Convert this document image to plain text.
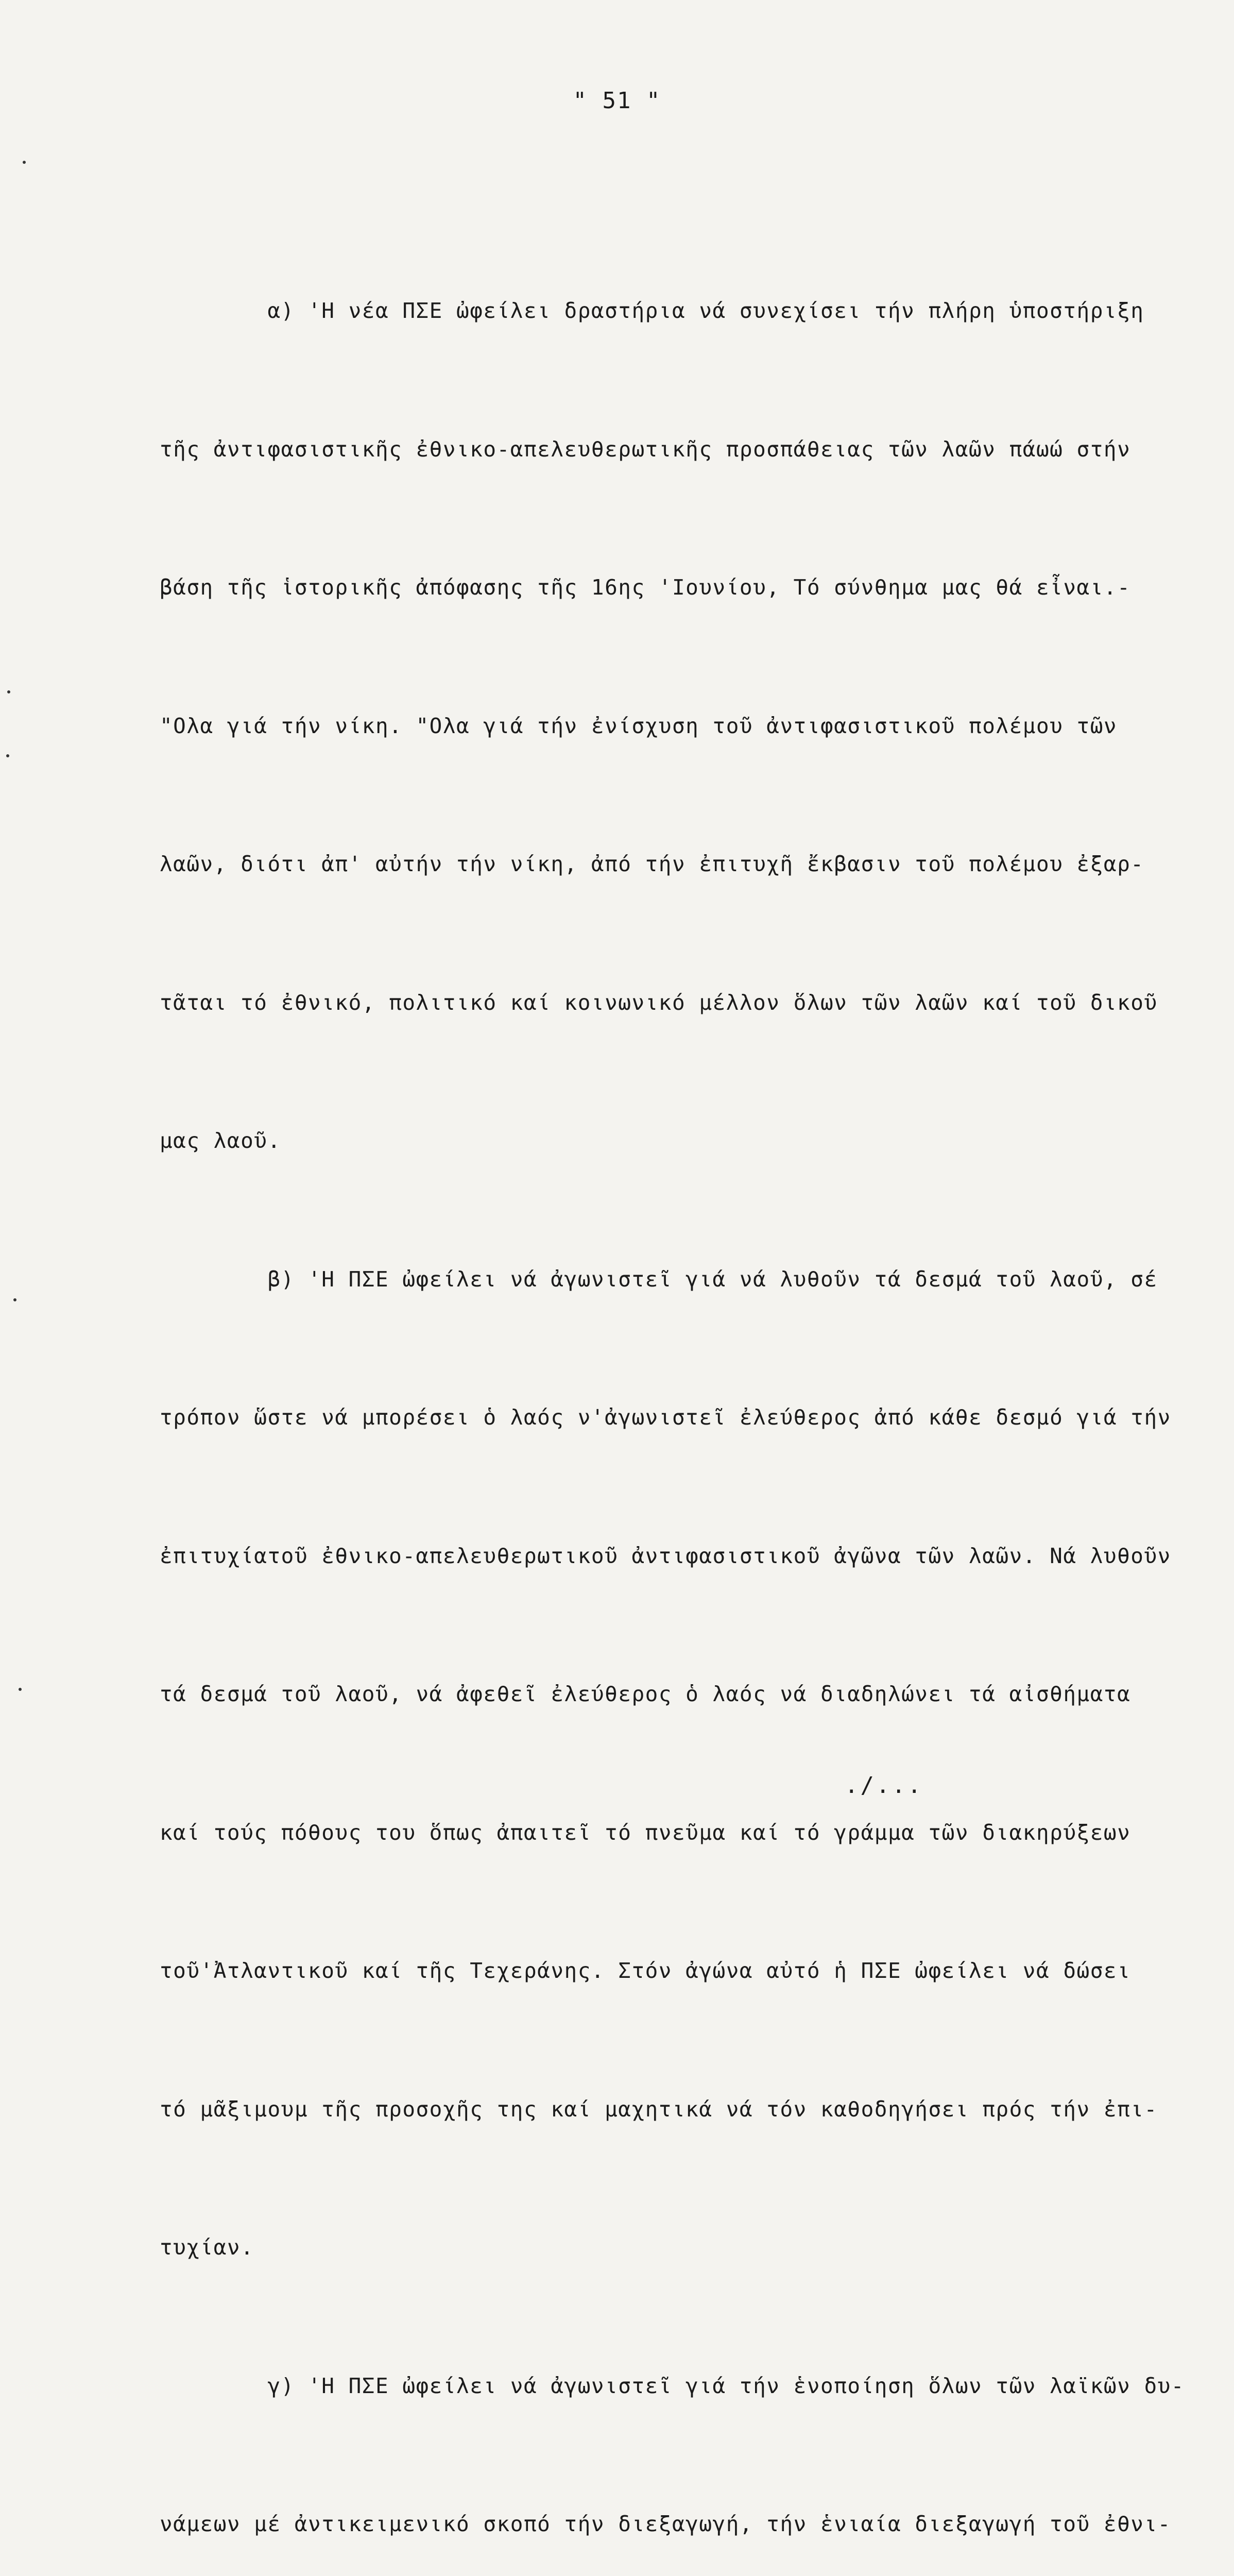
" 51 "

α) 'Η νέα ΠΣΕ ὠφείλει δραστήρια νά συνεχίσει τήν πλήρη ὑποστήριξη

τῆς ἀντιφασιστικῆς ἐθνικο-απελευθερωτικῆς προσπάθειας τῶν λαῶν πάωώ στήν

βάση τῆς ἱστορικῆς ἀπόφασης τῆς 16ης 'Ιουνίου, Τό σύνθημα μας θά εἶναι.-

"Ολα γιά τήν νίκη. "Ολα γιά τήν ἐνίσχυση τοῦ ἀντιφασιστικοῦ πολέμου τῶν

λαῶν, διότι ἀπ' αὐτήν τήν νίκη, ἀπό τήν ἐπιτυχῆ ἔκβασιν τοῦ πολέμου ἐξαρ-

τᾶται τό ἐθνικό, πολιτικό καί κοινωνικό μέλλον ὅλων τῶν λαῶν καί τοῦ δικοῦ

μας λαοῦ.

β) 'Η ΠΣΕ ὠφείλει νά ἀγωνιστεῖ γιά νά λυθοῦν τά δεσμά τοῦ λαοῦ, σέ

τρόπον ὥστε νά μπορέσει ὁ λαός ν'ἀγωνιστεῖ ἐλεύθερος ἀπό κάθε δεσμό γιά τήν

ἐπιτυχίατοῦ ἐθνικο-απελευθερωτικοῦ ἀντιφασιστικοῦ ἀγῶνα τῶν λαῶν. Νά λυθοῦν

τά δεσμά τοῦ λαοῦ, νά ἀφεθεῖ ἐλεύθερος ὁ λαός νά διαδηλώνει τά αἰσθήματα

καί τούς πόθους του ὅπως ἀπαιτεῖ τό πνεῦμα καί τό γράμμα τῶν διακηρύξεων

τοῦ'Ἀτλαντικοῦ καί τῆς Τεχεράνης. Στόν ἀγώνα αὐτό ἡ ΠΣΕ ὠφείλει νά δώσει

τό μᾶξιμουμ τῆς προσοχῆς της καί μαχητικά νά τόν καθοδηγήσει πρός τήν ἐπι-

τυχίαν.

γ) 'Η ΠΣΕ ὠφείλει νά ἀγωνιστεῖ γιά τήν ἑνοποίηση ὅλων τῶν λαϊκῶν δυ-

νάμεων μέ ἀντικειμενικό σκοπό τήν διεξαγωγή, τήν ἑνιαία διεξαγωγή τοῦ ἐθνι-

./...
